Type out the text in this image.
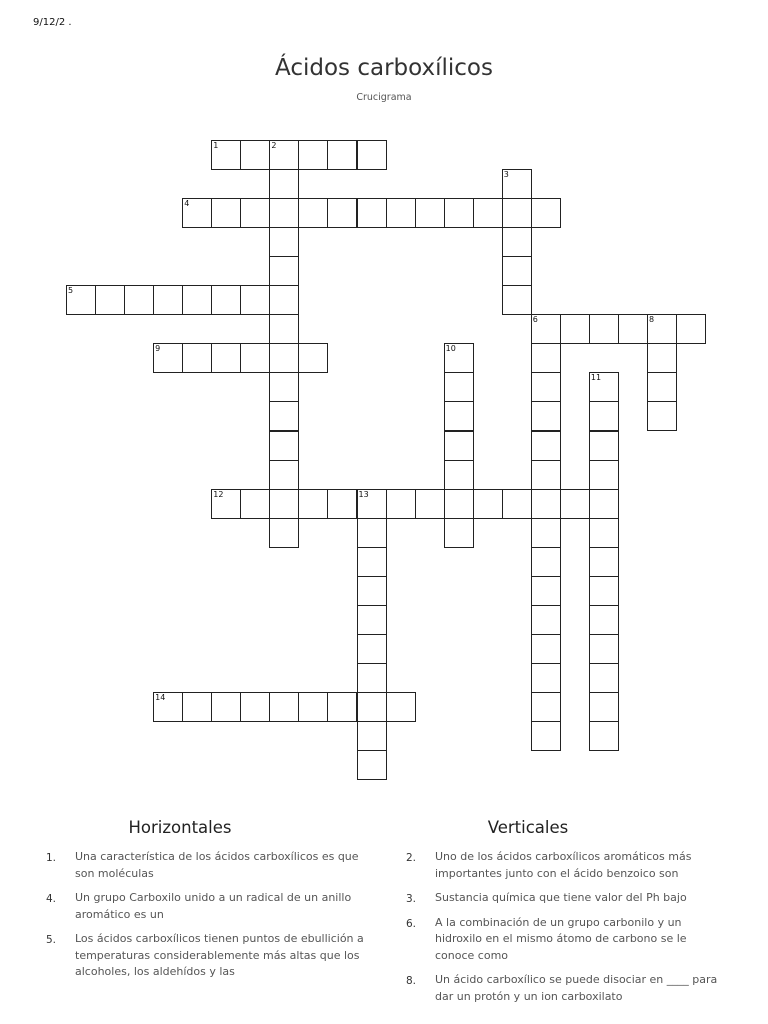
9/12/2 .
Ácidos carboxílicos
Crucigrama
1	2
3
4
5
6	8
9	10
11
12	13
14
Horizontales	Verticales
1. Una característica de los ácidos carboxílicos es que son moléculas
4. Un grupo Carboxilo unido a un radical de un anillo aromático es un
5. Los ácidos carboxílicos tienen puntos de ebullición a temperaturas considerablemente más altas que los alcoholes, los aldehídos y las
2. Uno de los ácidos carboxílicos aromáticos más importantes junto con el ácido benzoico son
3. Sustancia química que tiene valor del Ph bajo
6. A la combinación de un grupo carbonilo y un hidroxilo en el mismo átomo de carbono se le conoce como
8. Un ácido carboxílico se puede disociar en ____ para dar un protón y un ion carboxilato
